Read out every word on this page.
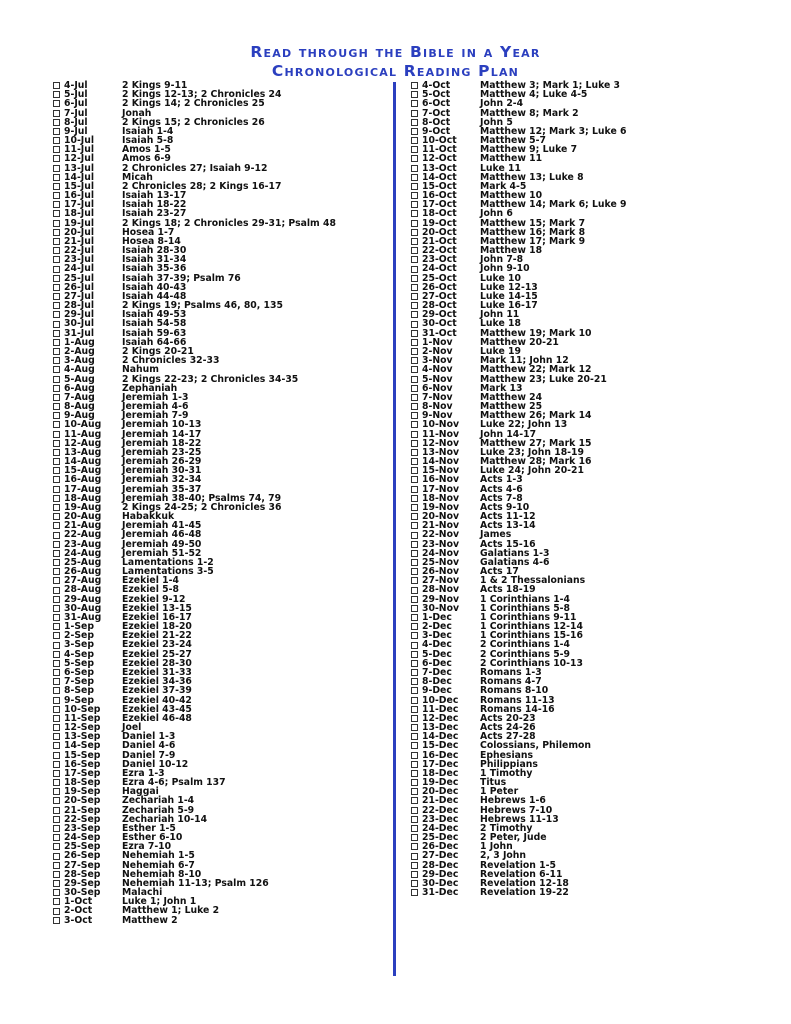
Read through the Bible in a Year
Chronological Reading Plan
4-Jul	2 Kings 9-11
5-Jul	2 Kings 12-13; 2 Chronicles 24
6-Jul	2 Kings 14; 2 Chronicles 25
7-Jul	Jonah
8-Jul	2 Kings 15; 2 Chronicles 26
9-Jul	Isaiah 1-4
10-Jul	Isaiah 5-8
11-Jul	Amos 1-5
12-Jul	Amos 6-9
13-Jul	2 Chronicles 27; Isaiah 9-12
14-Jul	Micah
15-Jul	2 Chronicles 28; 2 Kings 16-17
16-Jul	Isaiah 13-17
17-Jul	Isaiah 18-22
18-Jul	Isaiah 23-27
19-Jul	2 Kings 18; 2 Chronicles 29-31; Psalm 48
20-Jul	Hosea 1-7
21-Jul	Hosea 8-14
22-Jul	Isaiah 28-30
23-Jul	Isaiah 31-34
24-Jul	Isaiah 35-36
25-Jul	Isaiah 37-39; Psalm 76
26-Jul	Isaiah 40-43
27-Jul	Isaiah 44-48
28-Jul	2 Kings 19; Psalms 46, 80, 135
29-Jul	Isaiah 49-53
30-Jul	Isaiah 54-58
31-Jul	Isaiah 59-63
1-Aug	Isaiah 64-66
2-Aug	2 Kings 20-21
3-Aug	2 Chronicles 32-33
4-Aug	Nahum
5-Aug	2 Kings 22-23; 2 Chronicles 34-35
6-Aug	Zephaniah
7-Aug	Jeremiah 1-3
8-Aug	Jeremiah 4-6
9-Aug	Jeremiah 7-9
10-Aug	Jeremiah 10-13
11-Aug	Jeremiah 14-17
12-Aug	Jeremiah 18-22
13-Aug	Jeremiah 23-25
14-Aug	Jeremiah 26-29
15-Aug	Jeremiah 30-31
16-Aug	Jeremiah 32-34
17-Aug	Jeremiah 35-37
18-Aug	Jeremiah 38-40; Psalms 74, 79
19-Aug	2 Kings 24-25; 2 Chronicles 36
20-Aug	Habakkuk
21-Aug	Jeremiah 41-45
22-Aug	Jeremiah 46-48
23-Aug	Jeremiah 49-50
24-Aug	Jeremiah 51-52
25-Aug	Lamentations 1-2
26-Aug	Lamentations 3-5
27-Aug	Ezekiel 1-4
28-Aug	Ezekiel 5-8
29-Aug	Ezekiel 9-12
30-Aug	Ezekiel 13-15
31-Aug	Ezekiel 16-17
1-Sep	Ezekiel 18-20
2-Sep	Ezekiel 21-22
3-Sep	Ezekiel 23-24
4-Sep	Ezekiel 25-27
5-Sep	Ezekiel 28-30
6-Sep	Ezekiel 31-33
7-Sep	Ezekiel 34-36
8-Sep	Ezekiel 37-39
9-Sep	Ezekiel 40-42
10-Sep	Ezekiel 43-45
11-Sep	Ezekiel 46-48
12-Sep	Joel
13-Sep	Daniel 1-3
14-Sep	Daniel 4-6
15-Sep	Daniel 7-9
16-Sep	Daniel 10-12
17-Sep	Ezra 1-3
18-Sep	Ezra 4-6; Psalm 137
19-Sep	Haggai
20-Sep	Zechariah 1-4
21-Sep	Zechariah 5-9
22-Sep	Zechariah 10-14
23-Sep	Esther 1-5
24-Sep	Esther 6-10
25-Sep	Ezra 7-10
26-Sep	Nehemiah 1-5
27-Sep	Nehemiah 6-7
28-Sep	Nehemiah 8-10
29-Sep	Nehemiah 11-13; Psalm 126
30-Sep	Malachi
1-Oct	Luke 1; John 1
2-Oct	Matthew 1; Luke 2
3-Oct	Matthew 2
4-Oct	Matthew 3; Mark 1; Luke 3
5-Oct	Matthew 4; Luke 4-5
6-Oct	John 2-4
7-Oct	Matthew 8; Mark 2
8-Oct	John 5
9-Oct	Matthew 12; Mark 3; Luke 6
10-Oct	Matthew 5-7
11-Oct	Matthew 9; Luke 7
12-Oct	Matthew 11
13-Oct	Luke 11
14-Oct	Matthew 13; Luke 8
15-Oct	Mark 4-5
16-Oct	Matthew 10
17-Oct	Matthew 14; Mark 6; Luke 9
18-Oct	John 6
19-Oct	Matthew 15; Mark 7
20-Oct	Matthew 16; Mark 8
21-Oct	Matthew 17; Mark 9
22-Oct	Matthew 18
23-Oct	John 7-8
24-Oct	John 9-10
25-Oct	Luke 10
26-Oct	Luke 12-13
27-Oct	Luke 14-15
28-Oct	Luke 16-17
29-Oct	John 11
30-Oct	Luke 18
31-Oct	Matthew 19; Mark 10
1-Nov	Matthew 20-21
2-Nov	Luke 19
3-Nov	Mark 11; John 12
4-Nov	Matthew 22; Mark 12
5-Nov	Matthew 23; Luke 20-21
6-Nov	Mark 13
7-Nov	Matthew 24
8-Nov	Matthew 25
9-Nov	Matthew 26; Mark 14
10-Nov	Luke 22; John 13
11-Nov	John 14-17
12-Nov	Matthew 27; Mark 15
13-Nov	Luke 23; John 18-19
14-Nov	Matthew 28; Mark 16
15-Nov	Luke 24; John 20-21
16-Nov	Acts 1-3
17-Nov	Acts 4-6
18-Nov	Acts 7-8
19-Nov	Acts 9-10
20-Nov	Acts 11-12
21-Nov	Acts 13-14
22-Nov	James
23-Nov	Acts 15-16
24-Nov	Galatians 1-3
25-Nov	Galatians 4-6
26-Nov	Acts 17
27-Nov	1 & 2 Thessalonians
28-Nov	Acts 18-19
29-Nov	1 Corinthians 1-4
30-Nov	1 Corinthians 5-8
1-Dec	1 Corinthians 9-11
2-Dec	1 Corinthians 12-14
3-Dec	1 Corinthians 15-16
4-Dec	2 Corinthians 1-4
5-Dec	2 Corinthians 5-9
6-Dec	2 Corinthians 10-13
7-Dec	Romans 1-3
8-Dec	Romans 4-7
9-Dec	Romans 8-10
10-Dec	Romans 11-13
11-Dec	Romans 14-16
12-Dec	Acts 20-23
13-Dec	Acts 24-26
14-Dec	Acts 27-28
15-Dec	Colossians, Philemon
16-Dec	Ephesians
17-Dec	Philippians
18-Dec	1 Timothy
19-Dec	Titus
20-Dec	1 Peter
21-Dec	Hebrews 1-6
22-Dec	Hebrews 7-10
23-Dec	Hebrews 11-13
24-Dec	2 Timothy
25-Dec	2 Peter, Jude
26-Dec	1 John
27-Dec	2, 3 John
28-Dec	Revelation 1-5
29-Dec	Revelation 6-11
30-Dec	Revelation 12-18
31-Dec	Revelation 19-22
